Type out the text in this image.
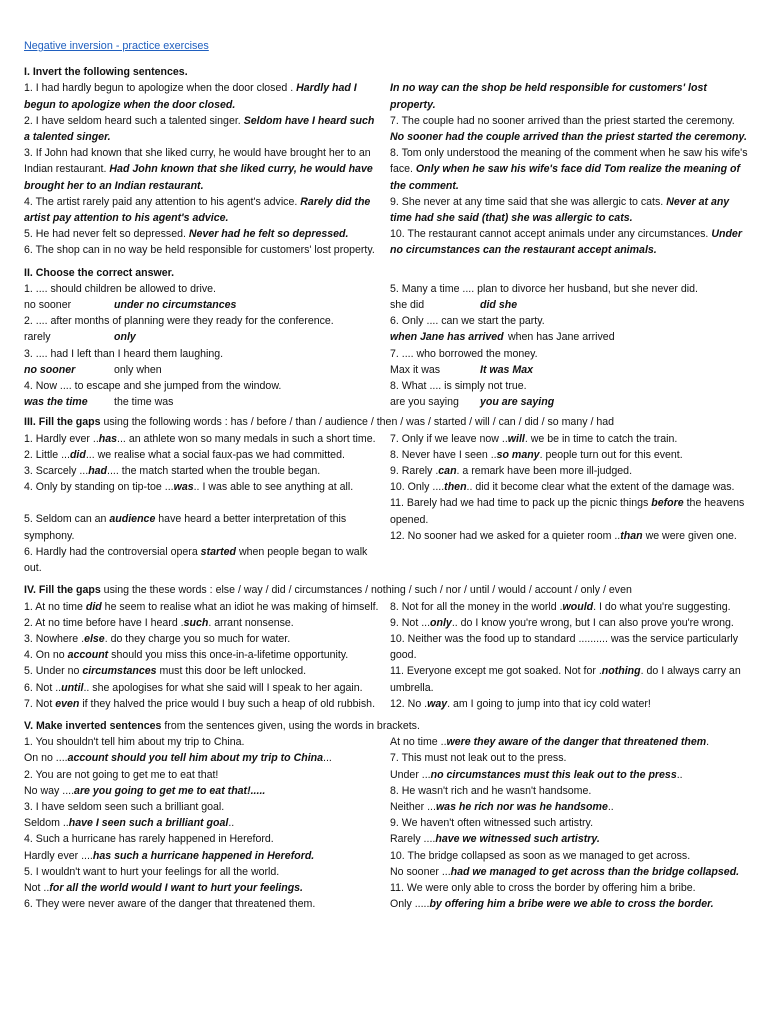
Negative inversion - practice exercises
I. Invert the following sentences.
1. I had hardly begun to apologize when the door closed . Hardly had I begun to apologize when the door closed.
2. I have seldom heard such a talented singer. Seldom have I heard such a talented singer.
3. If John had known that she liked curry, he would have brought her to an Indian restaurant. Had John known that she liked curry, he would have brought her to an Indian restaurant.
4. The artist rarely paid any attention to his agent's advice. Rarely did the artist pay attention to his agent's advice.
5. He had never felt so depressed. Never had he felt so depressed.
6. The shop can in no way be held responsible for customers' lost property.
In no way can the shop be held responsible for customers' lost property.
7. The couple had no sooner arrived than the priest started the ceremony. No sooner had the couple arrived than the priest started the ceremony.
8. Tom only understood the meaning of the comment when he saw his wife's face. Only when he saw his wife's face did Tom realize the meaning of the comment.
9. She never at any time said that she was allergic to cats. Never at any time had she said (that) she was allergic to cats.
10. The restaurant cannot accept animals under any circumstances. Under no circumstances can the restaurant accept animals.
II. Choose the correct answer.
1. .... should children be allowed to drive.
no sooner	under no circumstances
2. .... after months of planning were they ready for the conference.
rarely	only
3. .... had I left than I heard them laughing.
no sooner	only when
4. Now .... to escape and she jumped from the window.
was the time	the time was
5. Many a time .... plan to divorce her husband, but she never did.
she did	did she
6. Only .... can we start the party.
when Jane has arrived when has Jane arrived
7. .... who borrowed the money.
Max it was	It was Max
8. What .... is simply not true.
are you saying	you are saying
III. Fill the gaps using the following words : has / before / than / audience / then / was / started / will / can / did / so many / had
1. Hardly ever ..has... an athlete won so many medals in such a short time.
2. Little ...did... we realise what a social faux-pas we had committed.
3. Scarcely ...had.... the match started when the trouble began.
4. Only by standing on tip-toe ...was.. I was able to see anything at all.
5. Seldom can an audience have heard a better interpretation of this symphony.
6. Hardly had the controversial opera started when people began to walk out.
7. Only if we leave now ..will. we be in time to catch the train.
8. Never have I seen ..so many. people turn out for this event.
9. Rarely .can. a remark have been more ill-judged.
10. Only ....then.. did it become clear what the extent of the damage was.
11. Barely had we had time to pack up the picnic things before the heavens opened.
12. No sooner had we asked for a quieter room ..than we were given one.
IV. Fill the gaps using the these words : else / way / did / circumstances / nothing / such / nor / until / would / account / only / even
1. At no time did he seem to realise what an idiot he was making of himself.
2. At no time before have I heard .such. arrant nonsense.
3. Nowhere .else. do they charge you so much for water.
4. On no account should you miss this once-in-a-lifetime opportunity.
5. Under no circumstances must this door be left unlocked.
6. Not ..until.. she apologises for what she said will I speak to her again.
7. Not even if they halved the price would I buy such a heap of old rubbish.
8. Not for all the money in the world .would. I do what you're suggesting.
9. Not ...only.. do I know you're wrong, but I can also prove you're wrong.
10. Neither was the food up to standard .......... was the service particularly good.
11. Everyone except me got soaked. Not for .nothing. do I always carry an umbrella.
12. No .way. am I going to jump into that icy cold water!
V. Make inverted sentences from the sentences given, using the words in brackets.
1. You shouldn't tell him about my trip to China.
On no ....account should you tell him about my trip to China...
2. You are not going to get me to eat that!
No way ....are you going to get me to eat that!.....
3. I have seldom seen such a brilliant goal.
Seldom ..have I seen such a brilliant goal..
4. Such a hurricane has rarely happened in Hereford.
Hardly ever ....has such a hurricane happened in Hereford.
5. I wouldn't want to hurt your feelings for all the world.
Not ..for all the world would I want to hurt your feelings.
6. They were never aware of the danger that threatened them.
At no time ..were they aware of the danger that threatened them.
7. This must not leak out to the press.
Under ...no circumstances must this leak out to the press..
8. He wasn't rich and he wasn't handsome.
Neither ...was he rich nor was he handsome..
9. We haven't often witnessed such artistry.
Rarely ....have we witnessed such artistry.
10. The bridge collapsed as soon as we managed to get across.
No sooner ...had we managed to get across than the bridge collapsed.
11. We were only able to cross the border by offering him a bribe.
Only .....by offering him a bribe were we able to cross the border.
